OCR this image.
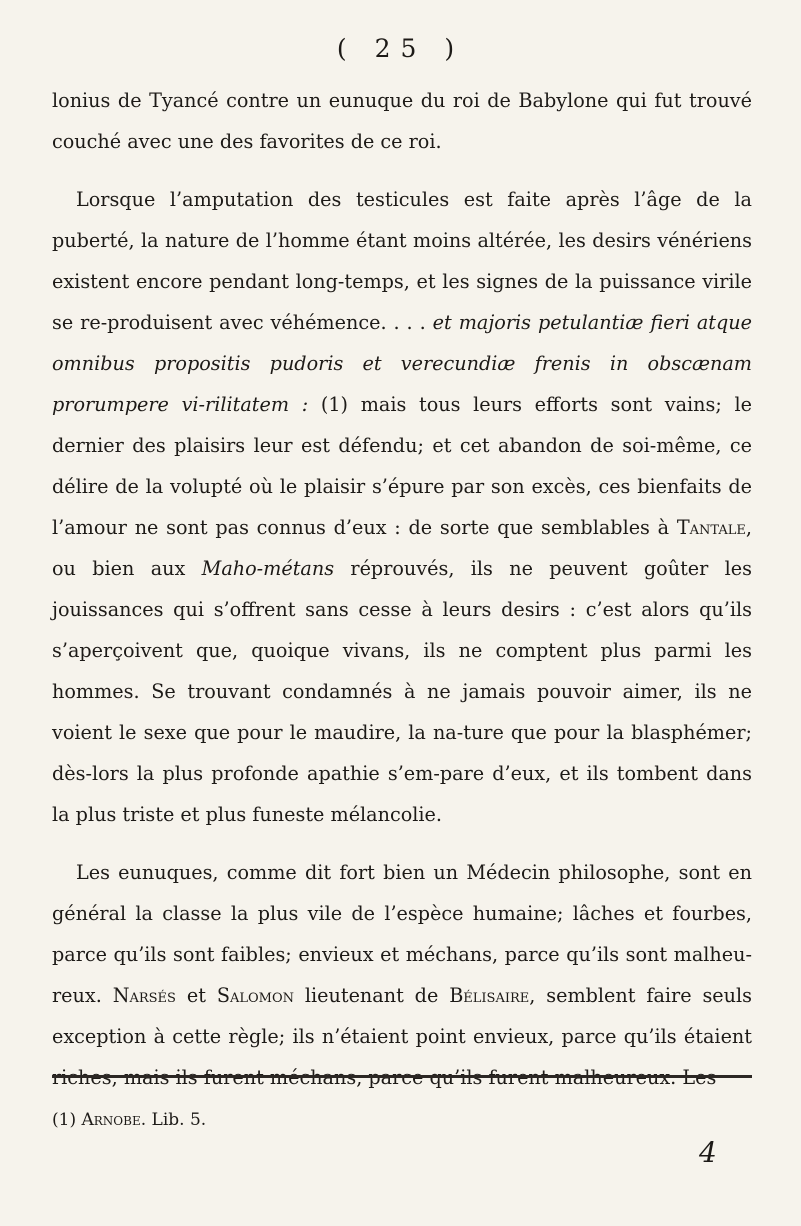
( 25 )

lonius de Tyancé contre un eunuque du roi de Babylone qui fut trouvé couché avec une des favorites de ce roi.

Lorsque l’amputation des testicules est faite après l’âge de la puberté, la nature de l’homme étant moins altérée, les desirs vénériens existent encore pendant long-temps, et les signes de la puissance virile se re-produisent avec véhémence. . . . et majoris petulantiæ fieri atque omnibus propositis pudoris et verecundiæ frenis in obscænam prorumpere vi-rilitatem : (1) mais tous leurs efforts sont vains; le dernier des plaisirs leur est défendu; et cet abandon de soi-même, ce délire de la volupté où le plaisir s’épure par son excès, ces bienfaits de l’amour ne sont pas connus d’eux : de sorte que semblables à Tantale, ou bien aux Maho-métans réprouvés, ils ne peuvent goûter les jouissances qui s’offrent sans cesse à leurs desirs : c’est alors qu’ils s’aperçoivent que, quoique vivans, ils ne comptent plus parmi les hommes. Se trouvant condamnés à ne jamais pouvoir aimer, ils ne voient le sexe que pour le maudire, la na-ture que pour la blasphémer; dès-lors la plus profonde apathie s’em-pare d’eux, et ils tombent dans la plus triste et plus funeste mélancolie.

Les eunuques, comme dit fort bien un Médecin philosophe, sont en général la classe la plus vile de l’espèce humaine; lâches et fourbes, parce qu’ils sont faibles; envieux et méchans, parce qu’ils sont malheu-reux. Narsés et Salomon lieutenant de Bélisaire, semblent faire seuls exception à cette règle; ils n’étaient point envieux, parce qu’ils étaient riches, mais ils furent méchans, parce qu’ils furent malheureux. Les

(1) Arnobe. Lib. 5.
4
